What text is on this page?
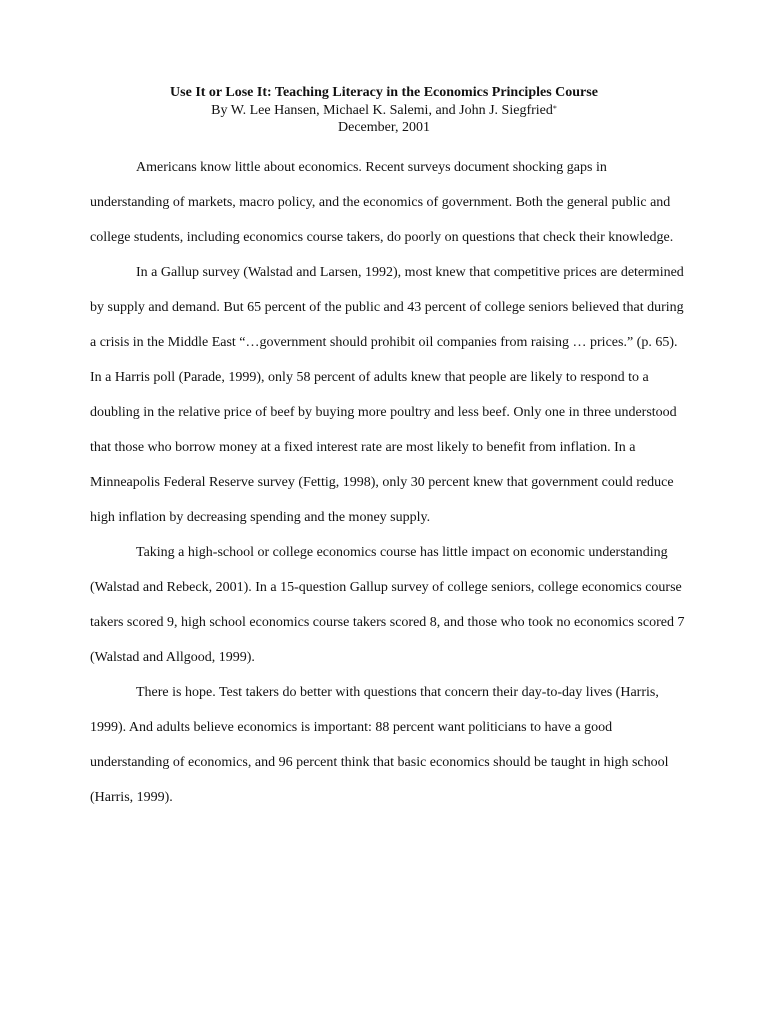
Use It or Lose It: Teaching Literacy in the Economics Principles Course

By W. Lee Hansen, Michael K. Salemi, and John J. Siegfried*

December, 2001

Americans know little about economics. Recent surveys document shocking gaps in understanding of markets, macro policy, and the economics of government. Both the general public and college students, including economics course takers, do poorly on questions that check their knowledge.

In a Gallup survey (Walstad and Larsen, 1992), most knew that competitive prices are determined by supply and demand. But 65 percent of the public and 43 percent of college seniors believed that during a crisis in the Middle East “…government should prohibit oil companies from raising … prices.” (p. 65). In a Harris poll (Parade, 1999), only 58 percent of adults knew that people are likely to respond to a doubling in the relative price of beef by buying more poultry and less beef. Only one in three understood that those who borrow money at a fixed interest rate are most likely to benefit from inflation. In a Minneapolis Federal Reserve survey (Fettig, 1998), only 30 percent knew that government could reduce high inflation by decreasing spending and the money supply.

Taking a high-school or college economics course has little impact on economic understanding (Walstad and Rebeck, 2001). In a 15-question Gallup survey of college seniors, college economics course takers scored 9, high school economics course takers scored 8, and those who took no economics scored 7 (Walstad and Allgood, 1999).

There is hope. Test takers do better with questions that concern their day-to-day lives (Harris, 1999). And adults believe economics is important: 88 percent want politicians to have a good understanding of economics, and 96 percent think that basic economics should be taught in high school (Harris, 1999).
